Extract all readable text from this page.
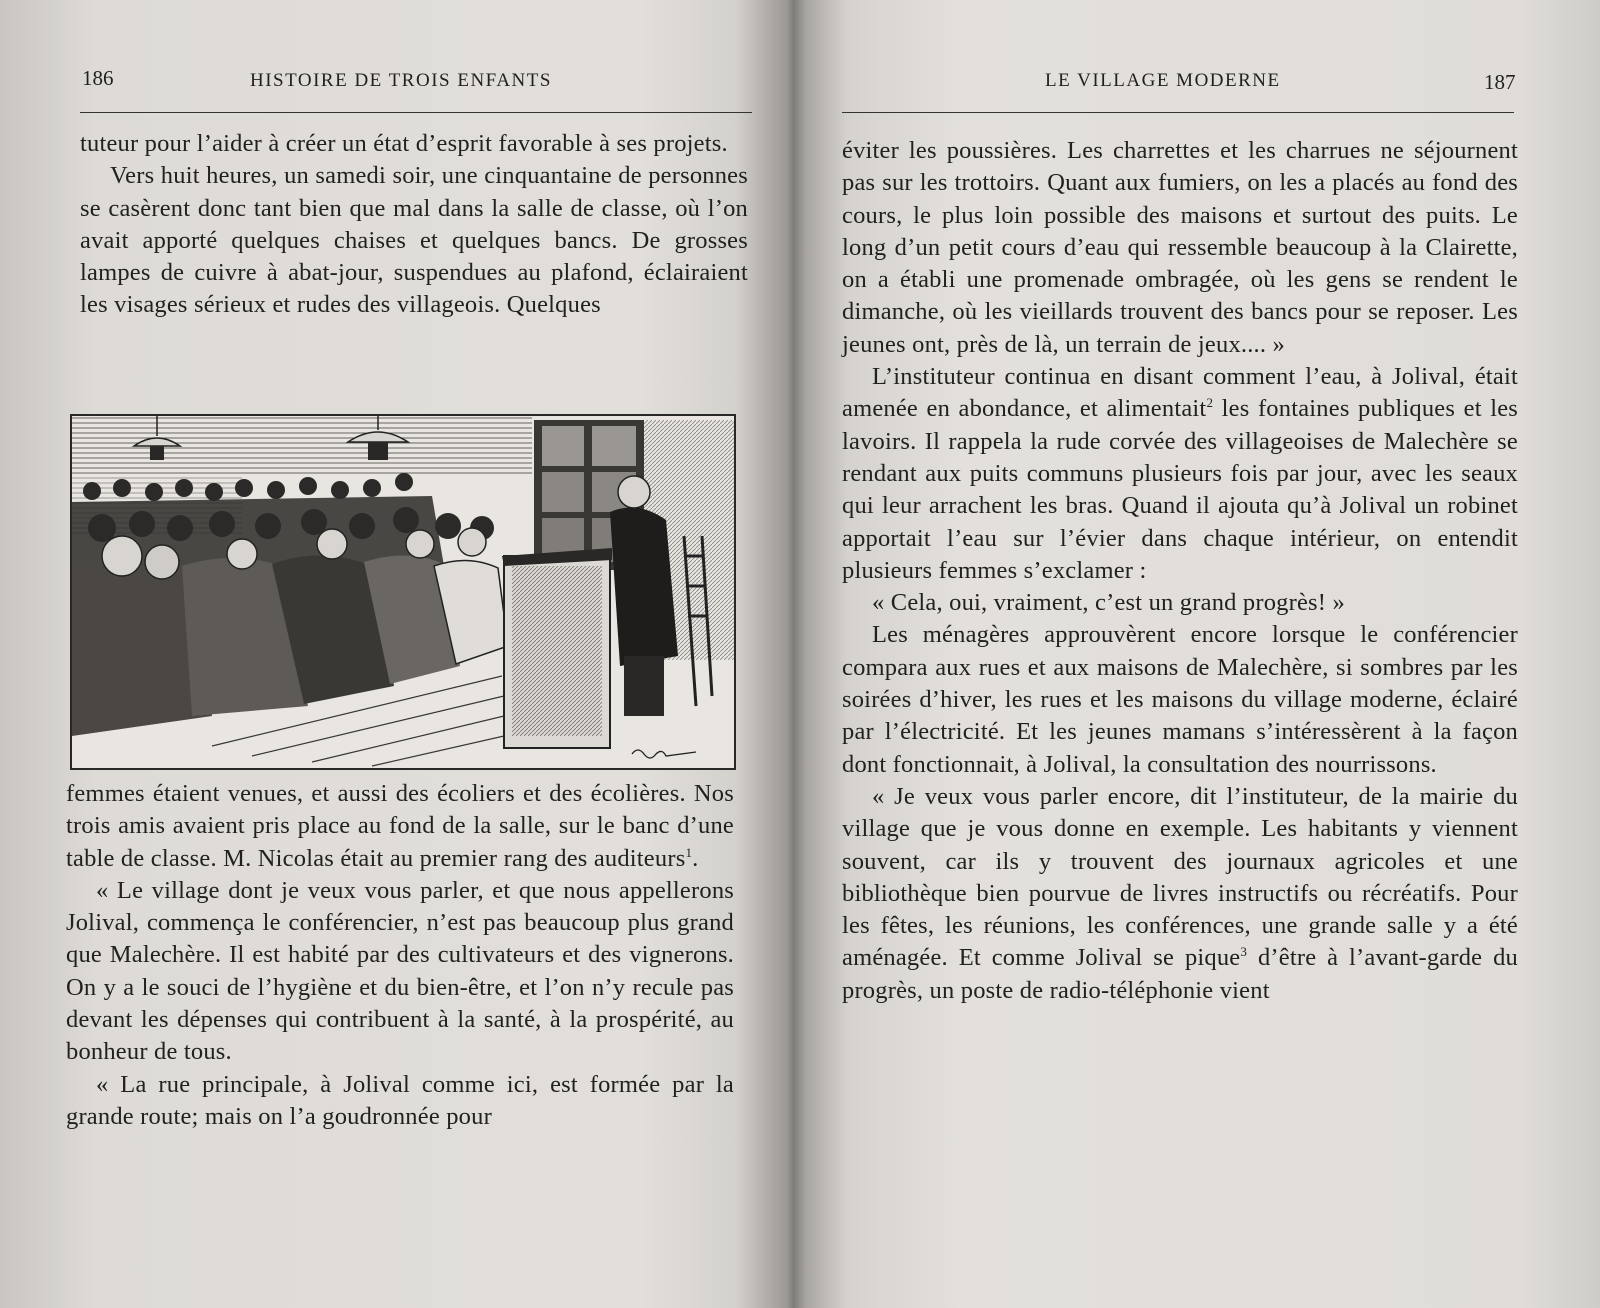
186	HISTOIRE DE TROIS ENFANTS

tuteur pour l’aider à créer un état d’esprit favorable à ses projets.

Vers huit heures, un samedi soir, une cinquantaine de personnes se casèrent donc tant bien que mal dans la salle de classe, où l’on avait apporté quelques chaises et quelques bancs. De grosses lampes de cuivre à abat-jour, suspendues au plafond, éclairaient les visages sérieux et rudes des villageois. Quelques

femmes étaient venues, et aussi des écoliers et des écolières. Nos trois amis avaient pris place au fond de la salle, sur le banc d’une table de classe. M. Nicolas était au premier rang des auditeurs$^1$.

« Le village dont je veux vous parler, et que nous appellerons Jolival, commença le conférencier, n’est pas beaucoup plus grand que Malechère. Il est habité par des cultivateurs et des vignerons. On y a le souci de l’hygiène et du bien-être, et l’on n’y recule pas devant les dépenses qui contribuent à la santé, à la prospérité, au bonheur de tous.

« La rue principale, à Jolival comme ici, est formée par la grande route; mais on l’a goudronnée pour

LE VILLAGE MODERNE	187

éviter les poussières. Les charrettes et les charrues ne séjournent pas sur les trottoirs. Quant aux fumiers, on les a placés au fond des cours, le plus loin possible des maisons et surtout des puits. Le long d’un petit cours d’eau qui ressemble beaucoup à la Clairette, on a établi une promenade ombragée, où les gens se rendent le dimanche, où les vieillards trouvent des bancs pour se reposer. Les jeunes ont, près de là, un terrain de jeux.... »

L’instituteur continua en disant comment l’eau, à Jolival, était amenée en abondance, et alimentait$^2$ les fontaines publiques et les lavoirs. Il rappela la rude corvée des villageoises de Malechère se rendant aux puits communs plusieurs fois par jour, avec les seaux qui leur arrachent les bras. Quand il ajouta qu’à Jolival un robinet apportait l’eau sur l’évier dans chaque intérieur, on entendit plusieurs femmes s’exclamer :

« Cela, oui, vraiment, c’est un grand progrès! »

Les ménagères approuvèrent encore lorsque le conférencier compara aux rues et aux maisons de Malechère, si sombres par les soirées d’hiver, les rues et les maisons du village moderne, éclairé par l’électricité. Et les jeunes mamans s’intéressèrent à la façon dont fonctionnait, à Jolival, la consultation des nourrissons.

« Je veux vous parler encore, dit l’instituteur, de la mairie du village que je vous donne en exemple. Les habitants y viennent souvent, car ils y trouvent des journaux agricoles et une bibliothèque bien pourvue de livres instructifs ou récréatifs. Pour les fêtes, les réunions, les conférences, une grande salle y a été aménagée. Et comme Jolival se pique$^3$ d’être à l’avant-garde du progrès, un poste de radio-téléphonie vient
